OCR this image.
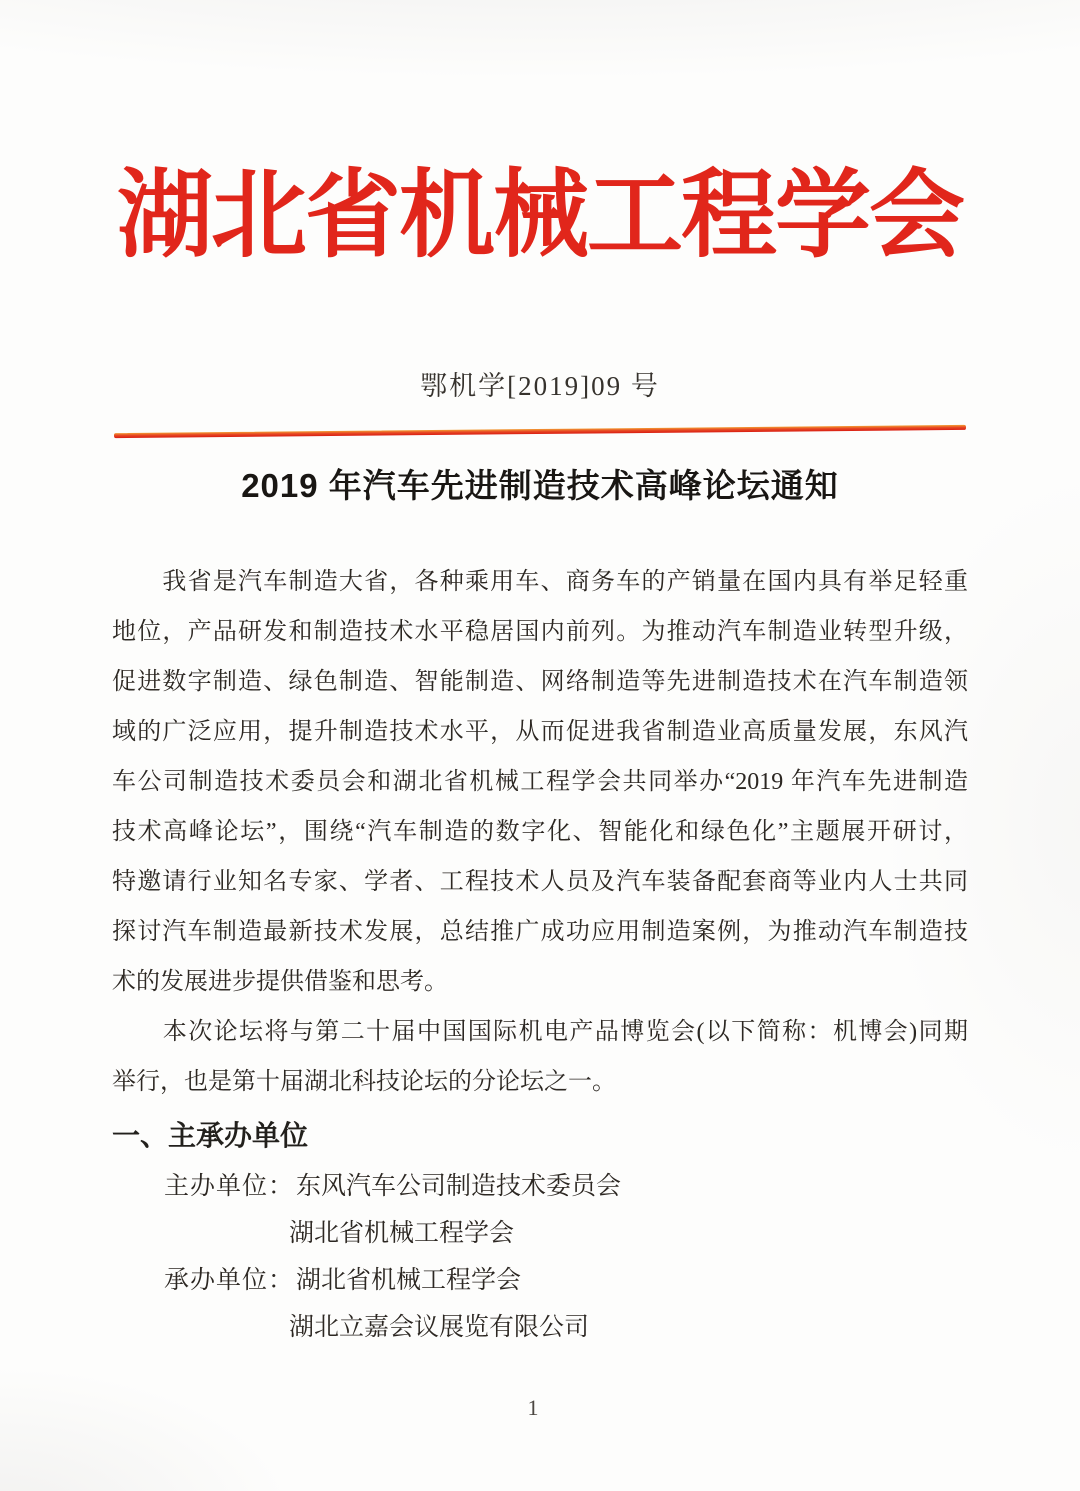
湖北省机械工程学会
鄂机学[2019]09 号
2019 年汽车先进制造技术高峰论坛通知
　　我省是汽车制造大省，各种乘用车、商务车的产销量在国内具有举足轻重
地位，产品研发和制造技术水平稳居国内前列。为推动汽车制造业转型升级，
促进数字制造、绿色制造、智能制造、网络制造等先进制造技术在汽车制造领
域的广泛应用，提升制造技术水平，从而促进我省制造业高质量发展，东风汽
车公司制造技术委员会和湖北省机械工程学会共同举办“2019 年汽车先进制造
技术高峰论坛”，围绕“汽车制造的数字化、智能化和绿色化”主题展开研讨，
特邀请行业知名专家、学者、工程技术人员及汽车装备配套商等业内人士共同
探讨汽车制造最新技术发展，总结推广成功应用制造案例，为推动汽车制造技
术的发展进步提供借鉴和思考。
　　本次论坛将与第二十届中国国际机电产品博览会(以下简称：机博会)同期
举行，也是第十届湖北科技论坛的分论坛之一。
一、主承办单位
主办单位：东风汽车公司制造技术委员会
湖北省机械工程学会
承办单位：湖北省机械工程学会
湖北立嘉会议展览有限公司
1
